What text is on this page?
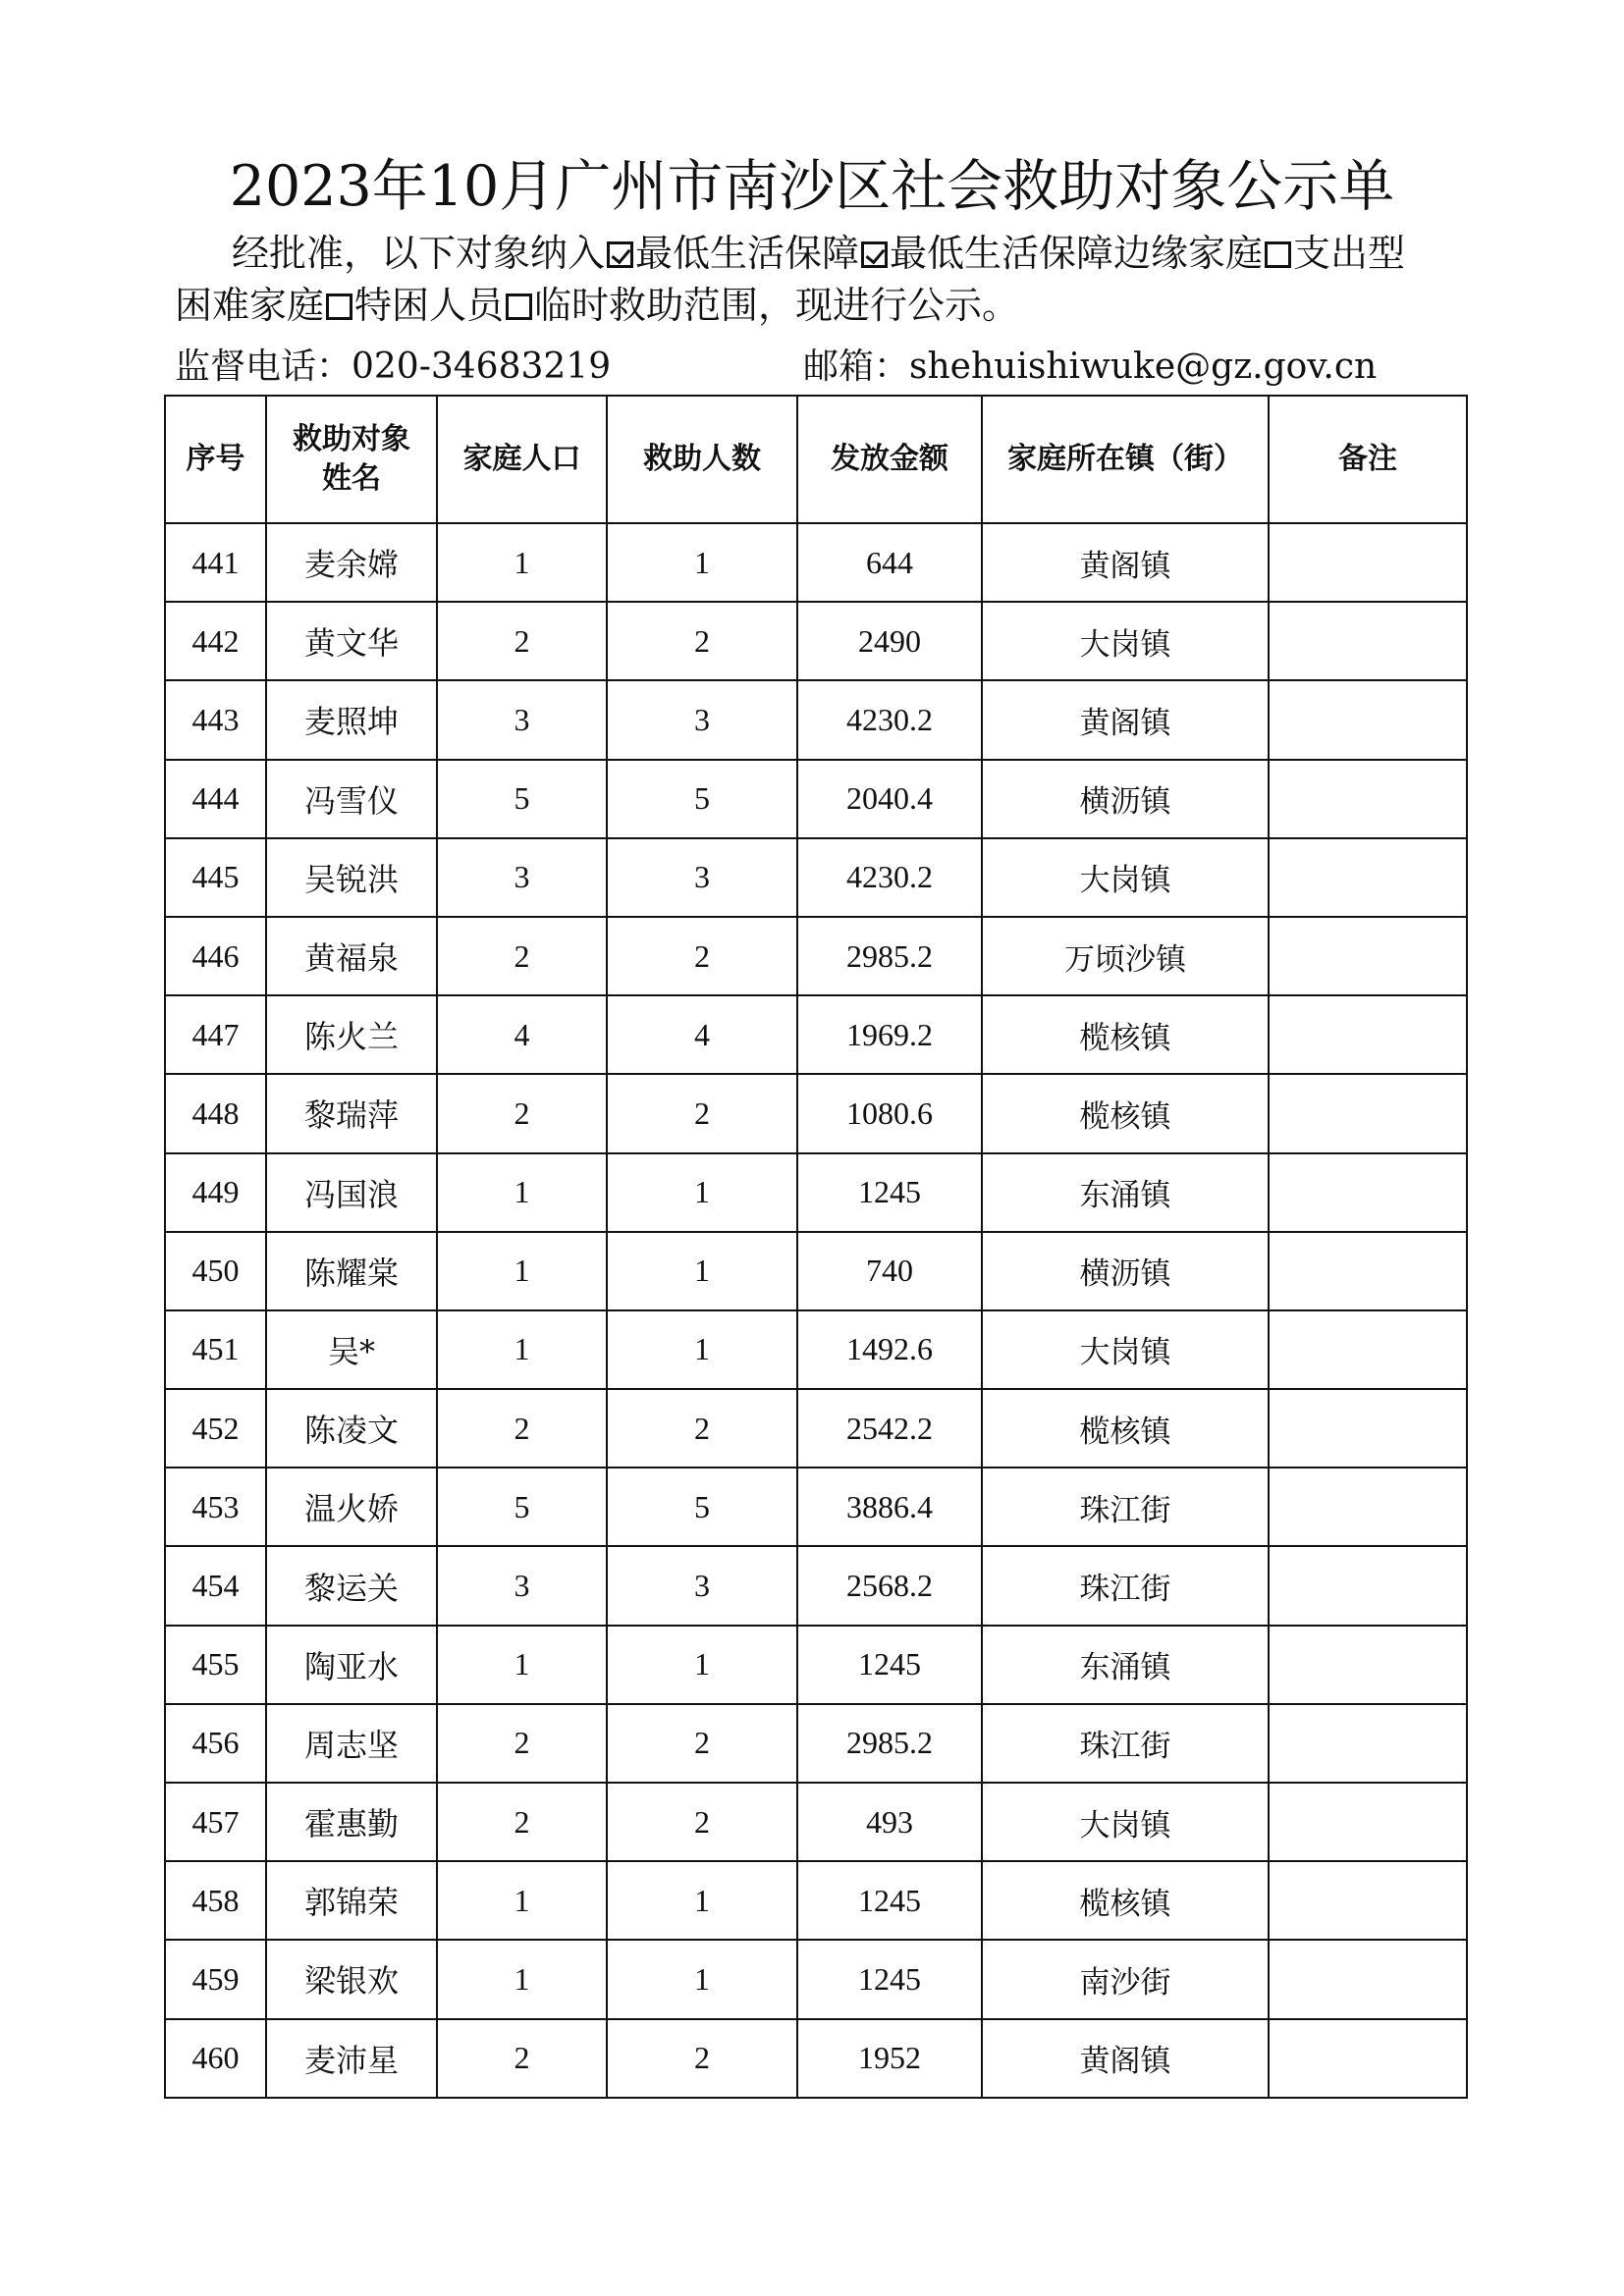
2023年10月广州市南沙区社会救助对象公示单
经批准，以下对象纳入 最低生活保障 最低生活保障边缘家庭 支出型
困难家庭 特困人员 临时救助范围，现进行公示。
监督电话：020-34683219	邮箱：shehuishiwuke@gz.gov.cn
序号	救助对象姓名	家庭人口	救助人数	发放金额	家庭所在镇（街）	备注
441	麦余嫦	1	1	644	黄阁镇	
442	黄文华	2	2	2490	大岗镇	
443	麦照坤	3	3	4230.2	黄阁镇	
444	冯雪仪	5	5	2040.4	横沥镇	
445	吴锐洪	3	3	4230.2	大岗镇	
446	黄福泉	2	2	2985.2	万顷沙镇	
447	陈火兰	4	4	1969.2	榄核镇	
448	黎瑞萍	2	2	1080.6	榄核镇	
449	冯国浪	1	1	1245	东涌镇	
450	陈耀棠	1	1	740	横沥镇	
451	吴*	1	1	1492.6	大岗镇	
452	陈凌文	2	2	2542.2	榄核镇	
453	温火娇	5	5	3886.4	珠江街	
454	黎运关	3	3	2568.2	珠江街	
455	陶亚水	1	1	1245	东涌镇	
456	周志坚	2	2	2985.2	珠江街	
457	霍惠勤	2	2	493	大岗镇	
458	郭锦荣	1	1	1245	榄核镇	
459	梁银欢	1	1	1245	南沙街	
460	麦沛星	2	2	1952	黄阁镇	
